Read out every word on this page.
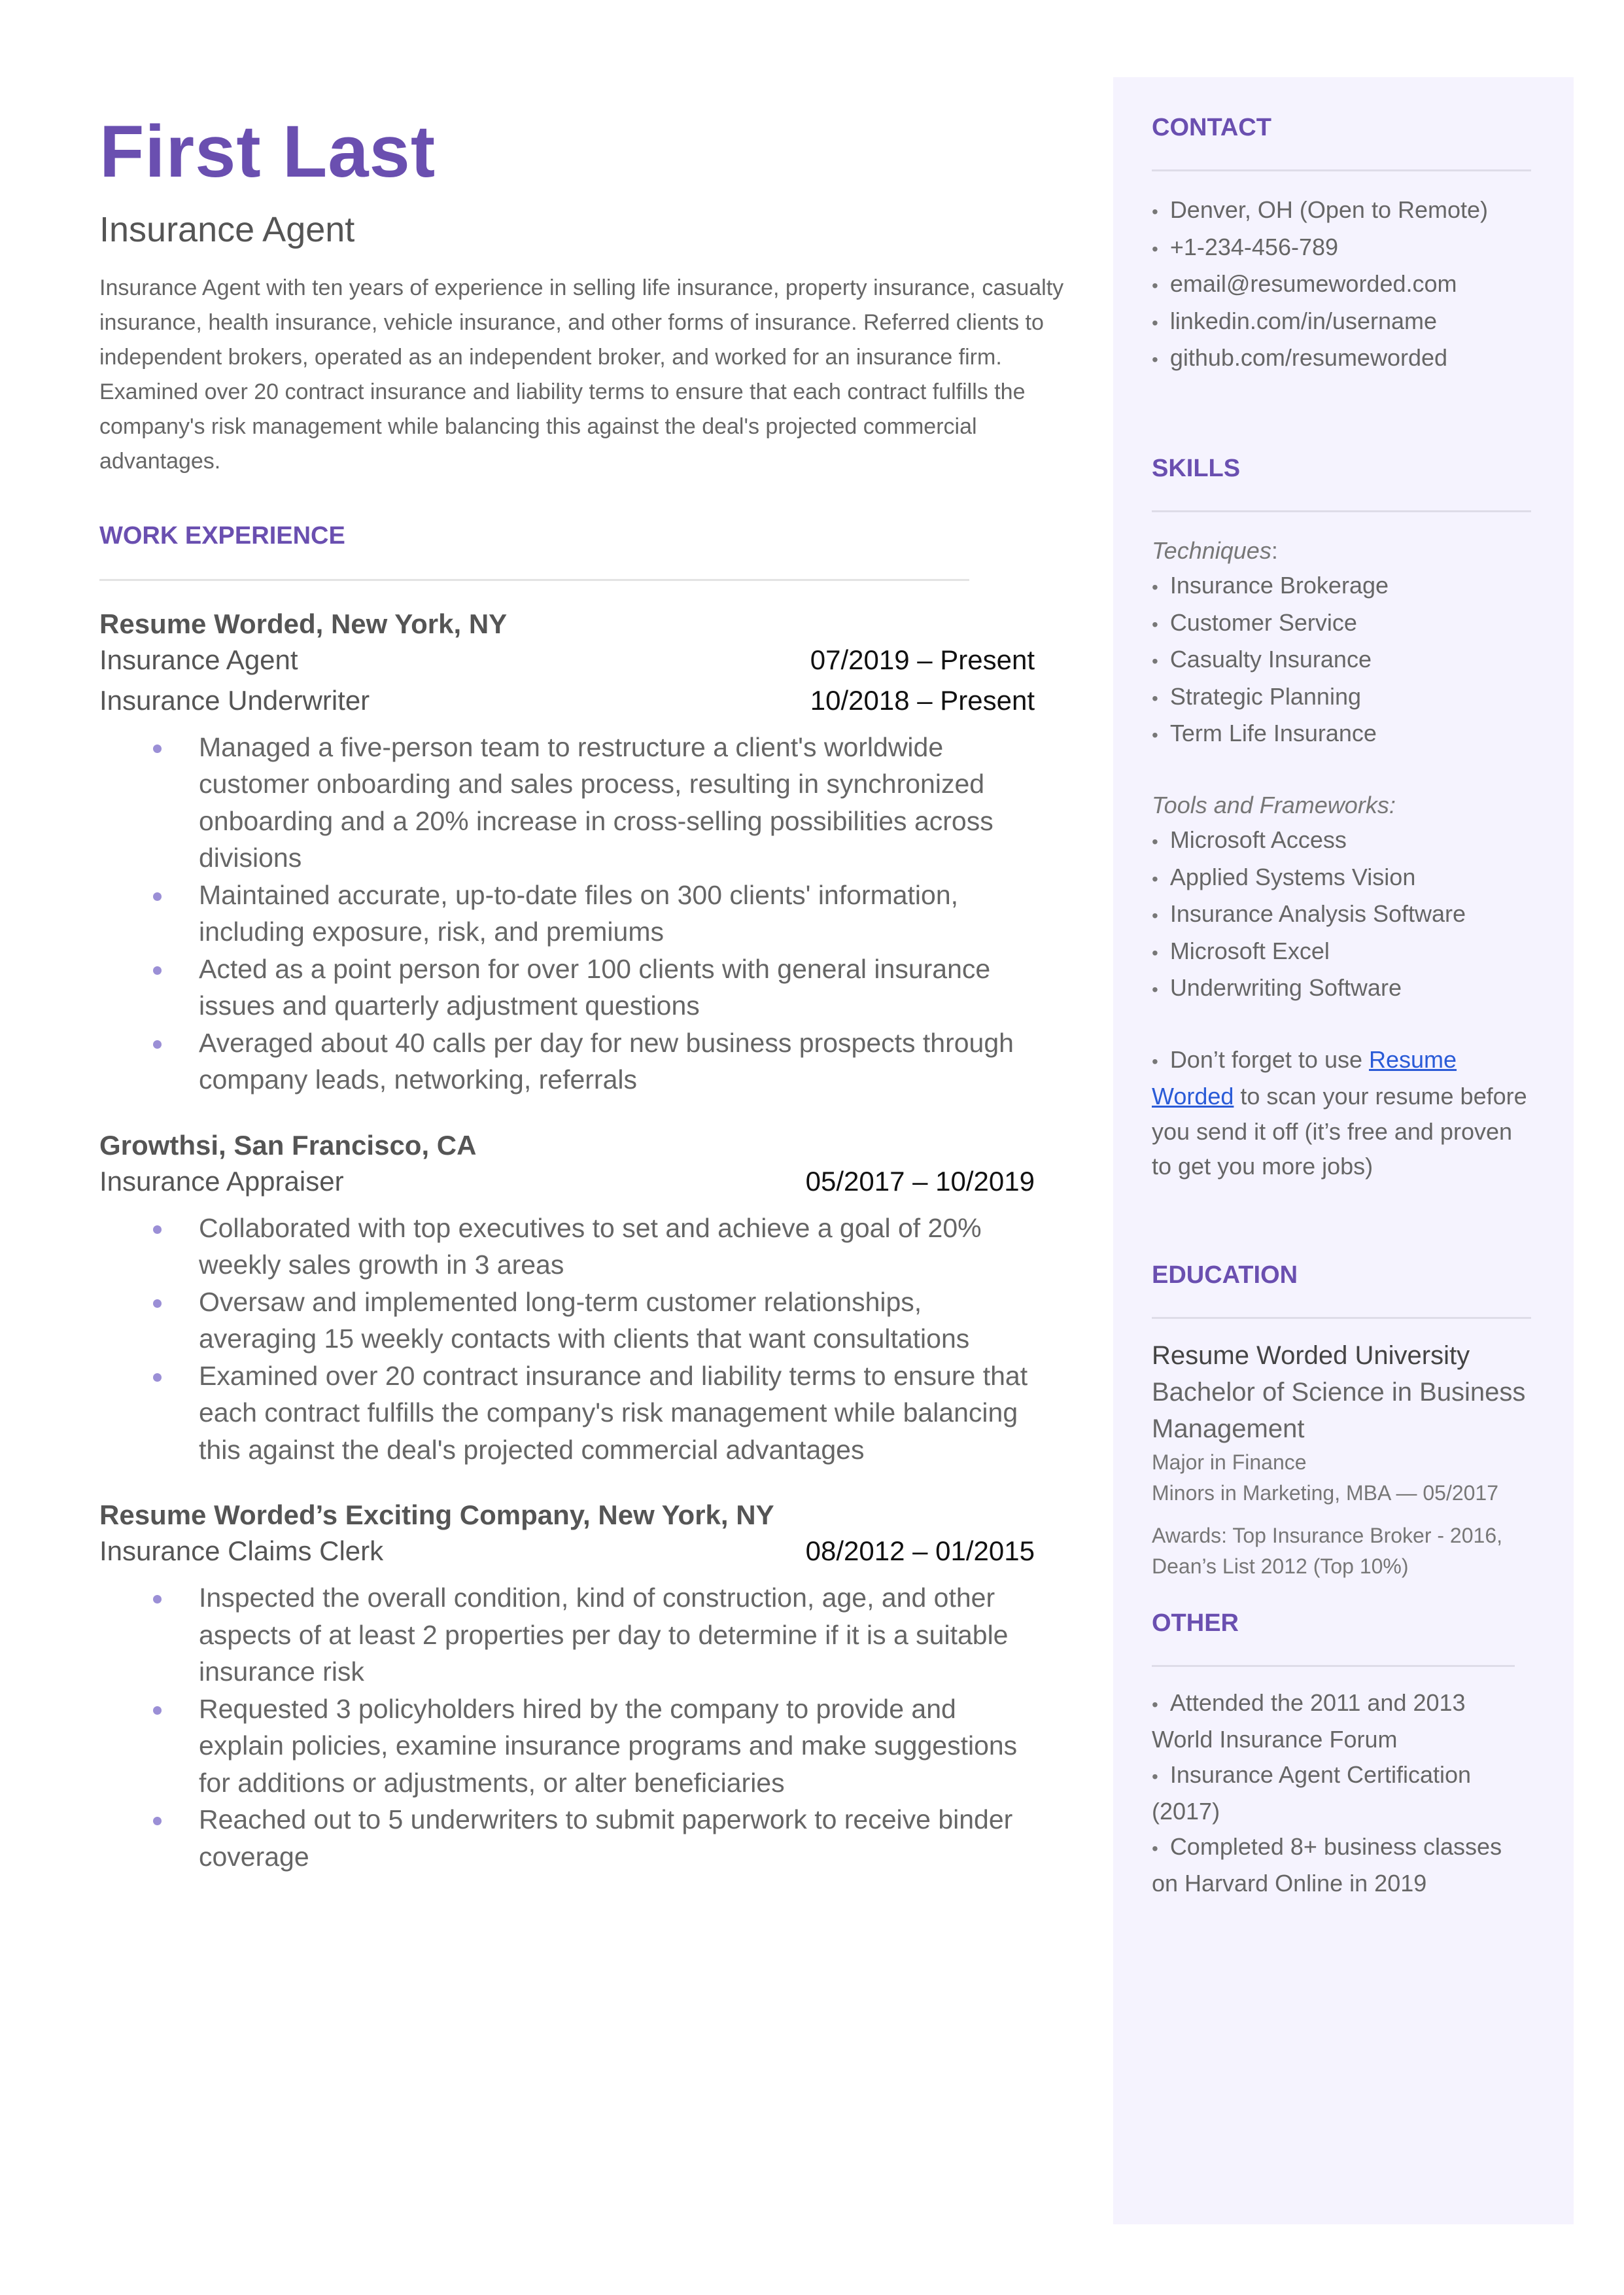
First Last
Insurance Agent

Insurance Agent with ten years of experience in selling life insurance, property insurance, casualty insurance, health insurance, vehicle insurance, and other forms of insurance. Referred clients to independent brokers, operated as an independent broker, and worked for an insurance firm. Examined over 20 contract insurance and liability terms to ensure that each contract fulfills the company's risk management while balancing this against the deal's projected commercial advantages.

WORK EXPERIENCE
Resume Worded, New York, NY
Insurance Agent	07/2019 – Present
Insurance Underwriter	10/2018 – Present
Managed a five-person team to restructure a client's worldwide customer onboarding and sales process, resulting in synchronized onboarding and a 20% increase in cross-selling possibilities across divisions
Maintained accurate, up-to-date files on 300 clients' information, including exposure, risk, and premiums
Acted as a point person for over 100 clients with general insurance issues and quarterly adjustment questions
Averaged about 40 calls per day for new business prospects through company leads, networking, referrals
Growthsi, San Francisco, CA
Insurance Appraiser	05/2017 – 10/2019
Collaborated with top executives to set and achieve a goal of 20% weekly sales growth in 3 areas
Oversaw and implemented long-term customer relationships, averaging 15 weekly contacts with clients that want consultations
Examined over 20 contract insurance and liability terms to ensure that each contract fulfills the company's risk management while balancing this against the deal's projected commercial advantages
Resume Worded’s Exciting Company, New York, NY
Insurance Claims Clerk	08/2012 – 01/2015
Inspected the overall condition, kind of construction, age, and other aspects of at least 2 properties per day to determine if it is a suitable insurance risk
Requested 3 policyholders hired by the company to provide and explain policies, examine insurance programs and make suggestions for additions or adjustments, or alter beneficiaries
Reached out to 5 underwriters to submit paperwork to receive binder coverage
CONTACT
• Denver, OH (Open to Remote)
• +1-234-456-789
• email@resumeworded.com
• linkedin.com/in/username
• github.com/resumeworded
SKILLS
Techniques:
• Insurance Brokerage
• Customer Service
• Casualty Insurance
• Strategic Planning
• Term Life Insurance
Tools and Frameworks:
• Microsoft Access
• Applied Systems Vision
• Insurance Analysis Software
• Microsoft Excel
• Underwriting Software
• Don’t forget to use Resume Worded to scan your resume before you send it off (it’s free and proven to get you more jobs)
EDUCATION
Resume Worded University
Bachelor of Science in Business Management
Major in Finance
Minors in Marketing, MBA — 05/2017
Awards: Top Insurance Broker - 2016, Dean’s List 2012 (Top 10%)
OTHER
• Attended the 2011 and 2013 World Insurance Forum
• Insurance Agent Certification (2017)
• Completed 8+ business classes on Harvard Online in 2019
